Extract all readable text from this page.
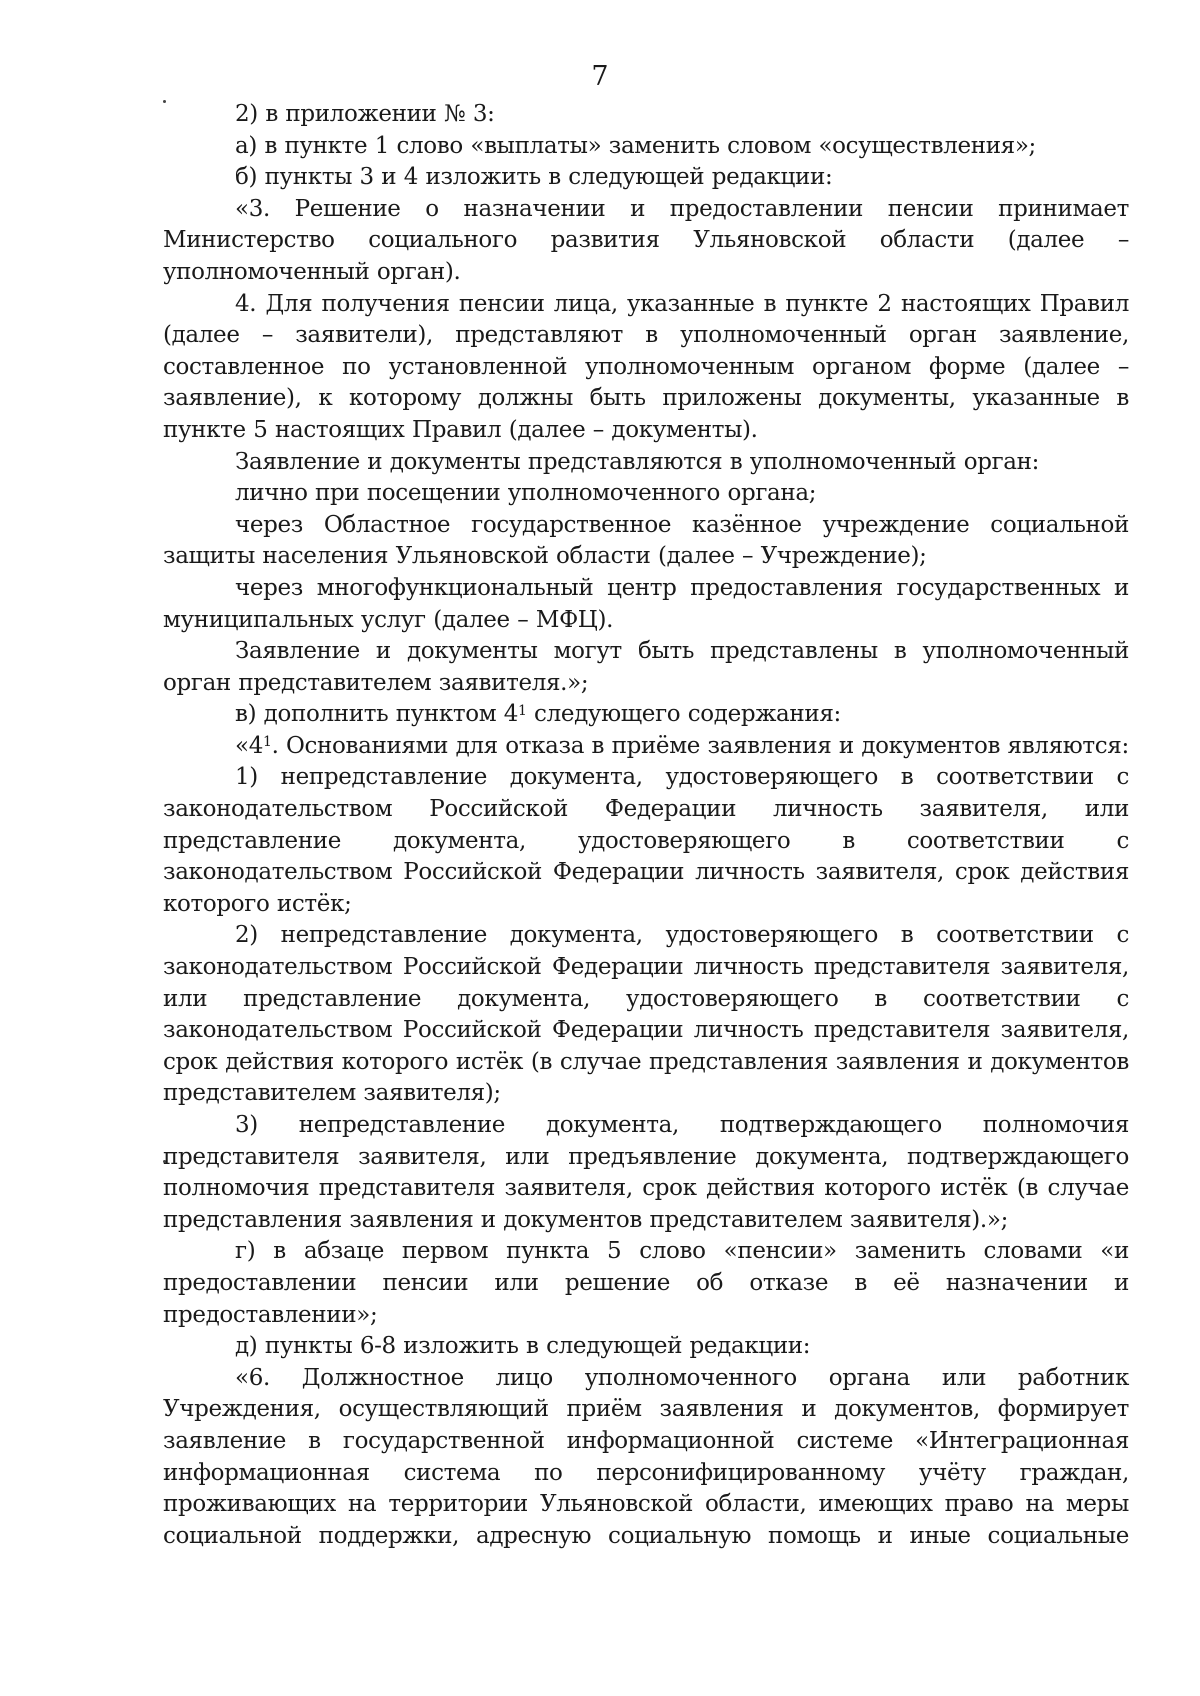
7

2) в приложении № 3:

а) в пункте 1 слово «выплаты» заменить словом «осуществления»;

б) пункты 3 и 4 изложить в следующей редакции:

«3. Решение о назначении и предоставлении пенсии принимает Министерство социального развития Ульяновской области (далее – уполномоченный орган).

4. Для получения пенсии лица, указанные в пункте 2 настоящих Правил (далее – заявители), представляют в уполномоченный орган заявление, составленное по установленной уполномоченным органом форме (далее – заявление), к которому должны быть приложены документы, указанные в пункте 5 настоящих Правил (далее – документы).

Заявление и документы представляются в уполномоченный орган:

лично при посещении уполномоченного органа;

через Областное государственное казённое учреждение социальной защиты населения Ульяновской области (далее – Учреждение);

через многофункциональный центр предоставления государственных и муниципальных услуг (далее – МФЦ).

Заявление и документы могут быть представлены в уполномоченный орган представителем заявителя.»;

в) дополнить пунктом $4^1$ следующего содержания:

«$4^1$. Основаниями для отказа в приёме заявления и документов являются:

1) непредставление документа, удостоверяющего в соответствии с законодательством Российской Федерации личность заявителя, или представление документа, удостоверяющего в соответствии с законодательством Российской Федерации личность заявителя, срок действия которого истёк;

2) непредставление документа, удостоверяющего в соответствии с законодательством Российской Федерации личность представителя заявителя, или представление документа, удостоверяющего в соответствии с законодательством Российской Федерации личность представителя заявителя, срок действия которого истёк (в случае представления заявления и документов представителем заявителя);

3) непредставление документа, подтверждающего полномочия представителя заявителя, или предъявление документа, подтверждающего полномочия представителя заявителя, срок действия которого истёк (в случае представления заявления и документов представителем заявителя).»;

г) в абзаце первом пункта 5 слово «пенсии» заменить словами «и предоставлении пенсии или решение об отказе в её назначении и предоставлении»;

д) пункты 6-8 изложить в следующей редакции:

«6. Должностное лицо уполномоченного органа или работник Учреждения, осуществляющий приём заявления и документов, формирует заявление в государственной информационной системе «Интеграционная информационная система по персонифицированному учёту граждан, проживающих на территории Ульяновской области, имеющих право на меры социальной поддержки, адресную социальную помощь и иные социальные
